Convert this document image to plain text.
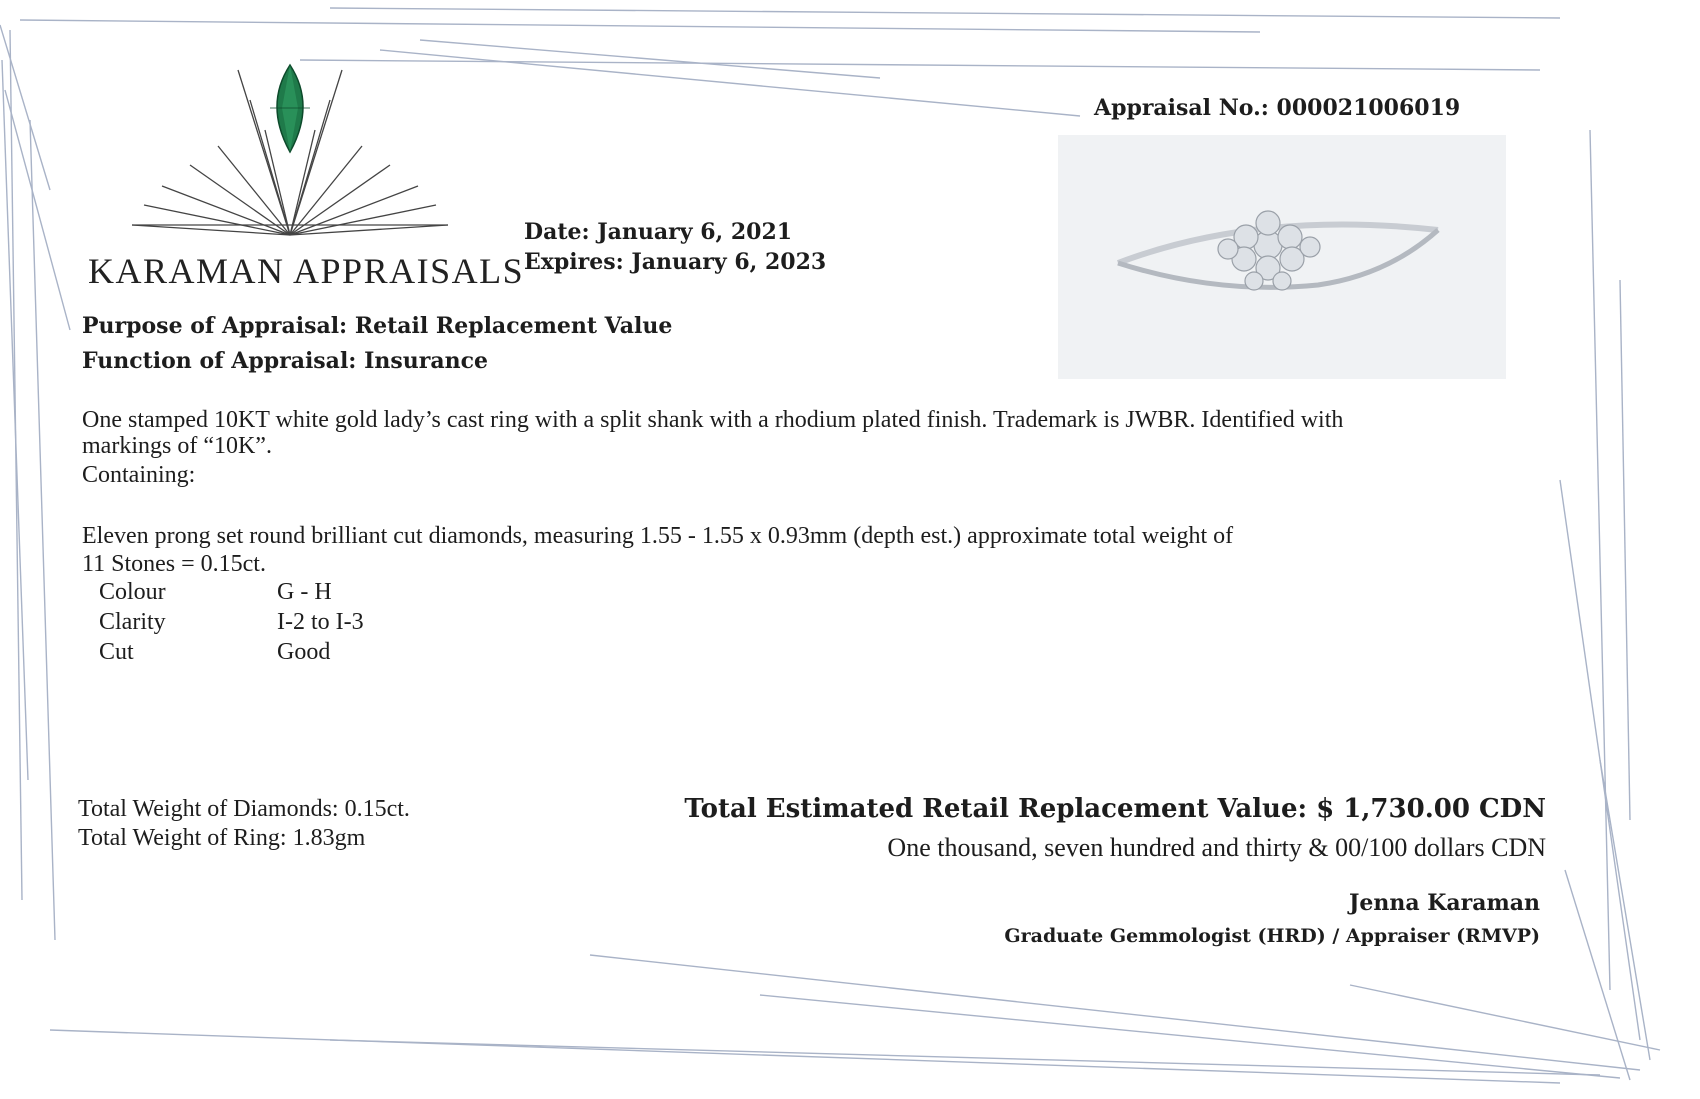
KARAMAN APPRAISALS
Date: January 6, 2021
Expires: January 6, 2023
Appraisal No.: 000021006019
Purpose of Appraisal: Retail Replacement Value
Function of Appraisal: Insurance
One stamped 10KT white gold lady’s cast ring with a split shank with a rhodium plated finish. Trademark is JWBR. Identified with
markings of “10K”.
Containing:
Eleven prong set round brilliant cut diamonds, measuring 1.55 - 1.55 x 0.93mm (depth est.) approximate total weight of
11 Stones = 0.15ct.
Colour	G - H
Clarity	I-2 to I-3
Cut	Good
Total Weight of Diamonds: 0.15ct.
Total Weight of Ring: 1.83gm
Total Estimated Retail Replacement Value: $ 1,730.00 CDN
One thousand, seven hundred and thirty & 00/100 dollars CDN
Jenna Karaman
Graduate Gemmologist (HRD) / Appraiser (RMVP)
